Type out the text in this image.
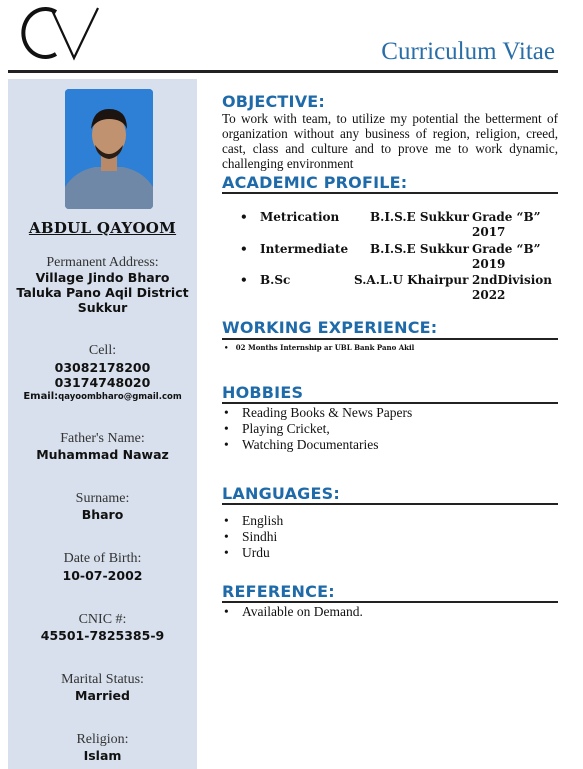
Curriculum Vitae
ABDUL QAYOOM
Permanent Address:
Village Jindo Bharo
Taluka Pano Aqil District
Sukkur
Cell:
03082178200
03174748020
Email:qayoombharo@gmail.com
Father's Name:
Muhammad Nawaz
Surname:
Bharo
Date of Birth:
10-07-2002
CNIC #:
45501-7825385-9
Marital Status:
Married
Religion:
Islam
OBJECTIVE:
To work with team, to utilize my potential the betterment of organization without any business of region, religion, creed, cast, class and culture and to prove me to work dynamic, challenging environment
ACADEMIC PROFILE:
• Metrication	B.I.S.E Sukkur Grade “B”
2017
• Intermediate B.I.S.E Sukkur Grade “B”
2019
• B.Sc	S.A.L.U Khairpur 2ndDivision
2022
WORKING EXPERIENCE:
•   02 Months Internship ar UBL Bank Pano Akil
HOBBIES
• Reading Books & News Papers
• Playing Cricket,
• Watching Documentaries
LANGUAGES:
• English
• Sindhi
• Urdu
REFERENCE:
• Available on Demand.
